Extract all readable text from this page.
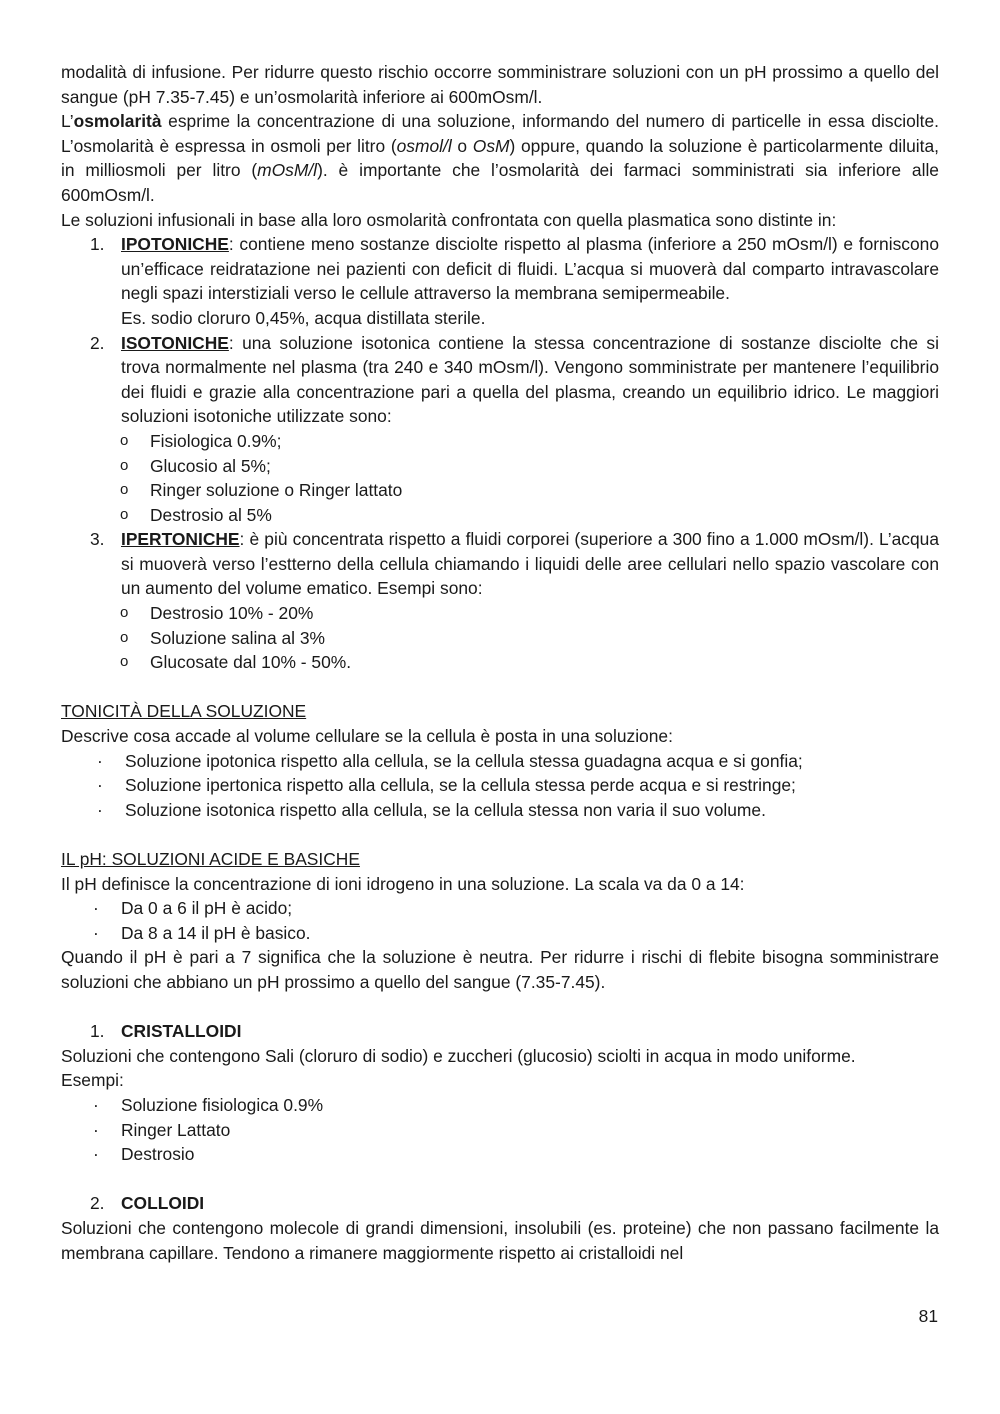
modalità di infusione. Per ridurre questo rischio occorre somministrare soluzioni con un pH prossimo a quello del sangue (pH 7.35-7.45) e un’osmolarità inferiore ai 600mOsm/l.

L’osmolarità esprime la concentrazione di una soluzione, informando del numero di particelle in essa disciolte. L’osmolarità è espressa in osmoli per litro (osmol/l o OsM) oppure, quando la soluzione è particolarmente diluita, in milliosmoli per litro (mOsM/l). è importante che l’osmolarità dei farmaci somministrati sia inferiore alle 600mOsm/l.

Le soluzioni infusionali in base alla loro osmolarità confrontata con quella plasmatica sono distinte in:

1. IPOTONICHE: contiene meno sostanze disciolte rispetto al plasma (inferiore a 250 mOsm/l) e forniscono un’efficace reidratazione nei pazienti con deficit di fluidi. L’acqua si muoverà dal comparto intravascolare negli spazi interstiziali verso le cellule attraverso la membrana semipermeabile.
Es. sodio cloruro 0,45%, acqua distillata sterile.
2. ISOTONICHE: una soluzione isotonica contiene la stessa concentrazione di sostanze disciolte che si trova normalmente nel plasma (tra 240 e 340 mOsm/l). Vengono somministrate per mantenere l’equilibrio dei fluidi e grazie alla concentrazione pari a quella del plasma, creando un equilibrio idrico. Le maggiori soluzioni isotoniche utilizzate sono:
o Fisiologica 0.9%;
o Glucosio al 5%;
o Ringer soluzione o Ringer lattato
o Destrosio al 5%
3. IPERTONICHE: è più concentrata rispetto a fluidi corporei (superiore a 300 fino a 1.000 mOsm/l). L’acqua si muoverà verso l’estterno della cellula chiamando i liquidi delle aree cellulari nello spazio vascolare con un aumento del volume ematico. Esempi sono:
o Destrosio 10% - 20%
o Soluzione salina al 3%
o Glucosate dal 10% - 50%.

TONICITÀ DELLA SOLUZIONE

Descrive cosa accade al volume cellulare se la cellula è posta in una soluzione:

· Soluzione ipotonica rispetto alla cellula, se la cellula stessa guadagna acqua e si gonfia;
· Soluzione ipertonica rispetto alla cellula, se la cellula stessa perde acqua e si restringe;
· Soluzione isotonica rispetto alla cellula, se la cellula stessa non varia il suo volume.

IL pH: SOLUZIONI ACIDE E BASICHE

Il pH definisce la concentrazione di ioni idrogeno in una soluzione. La scala va da 0 a 14:

· Da 0 a 6 il pH è acido;
· Da 8 a 14 il pH è basico.

Quando il pH è pari a 7 significa che la soluzione è neutra. Per ridurre i rischi di flebite bisogna somministrare soluzioni che abbiano un pH prossimo a quello del sangue (7.35-7.45).

1. CRISTALLOIDI

Soluzioni che contengono Sali (cloruro di sodio) e zuccheri (glucosio) sciolti in acqua in modo uniforme.

Esempi:

· Soluzione fisiologica 0.9%
· Ringer Lattato
· Destrosio
2. COLLOIDI

Soluzioni che contengono molecole di grandi dimensioni, insolubili (es. proteine) che non passano facilmente la membrana capillare. Tendono a rimanere maggiormente rispetto ai cristalloidi nel

81
